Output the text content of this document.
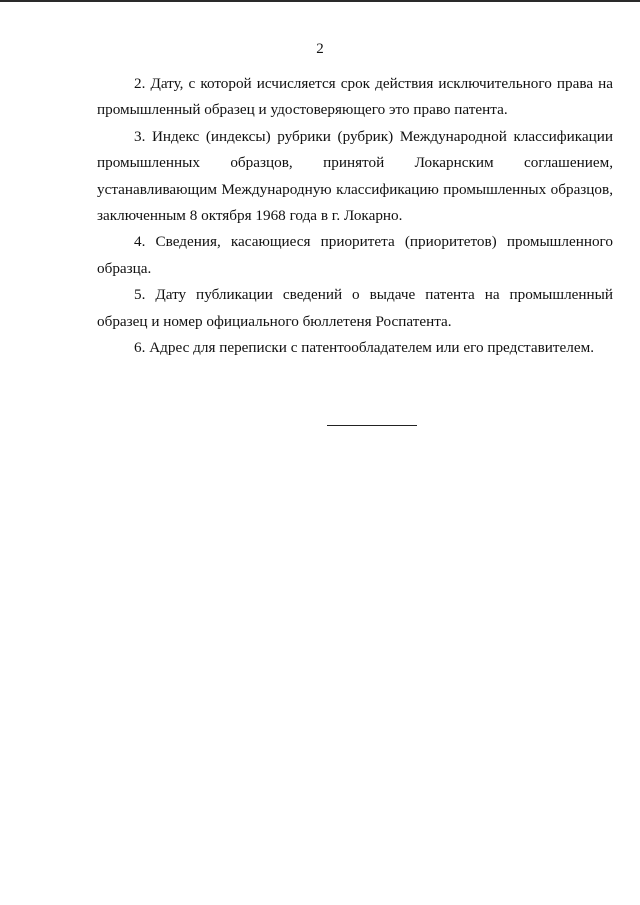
2

2. Дату, с которой исчисляется срок действия исключительного права на промышленный образец и удостоверяющего это право патента.

3. Индекс (индексы) рубрики (рубрик) Международной классификации промышленных образцов, принятой Локарнским соглашением, устанавливающим Международную классификацию промышленных образцов, заключенным 8 октября 1968 года в г. Локарно.

4. Сведения, касающиеся приоритета (приоритетов) промышленного образца.

5. Дату публикации сведений о выдаче патента на промышленный образец и номер официального бюллетеня Роспатента.

6. Адрес для переписки с патентообладателем или его представителем.
